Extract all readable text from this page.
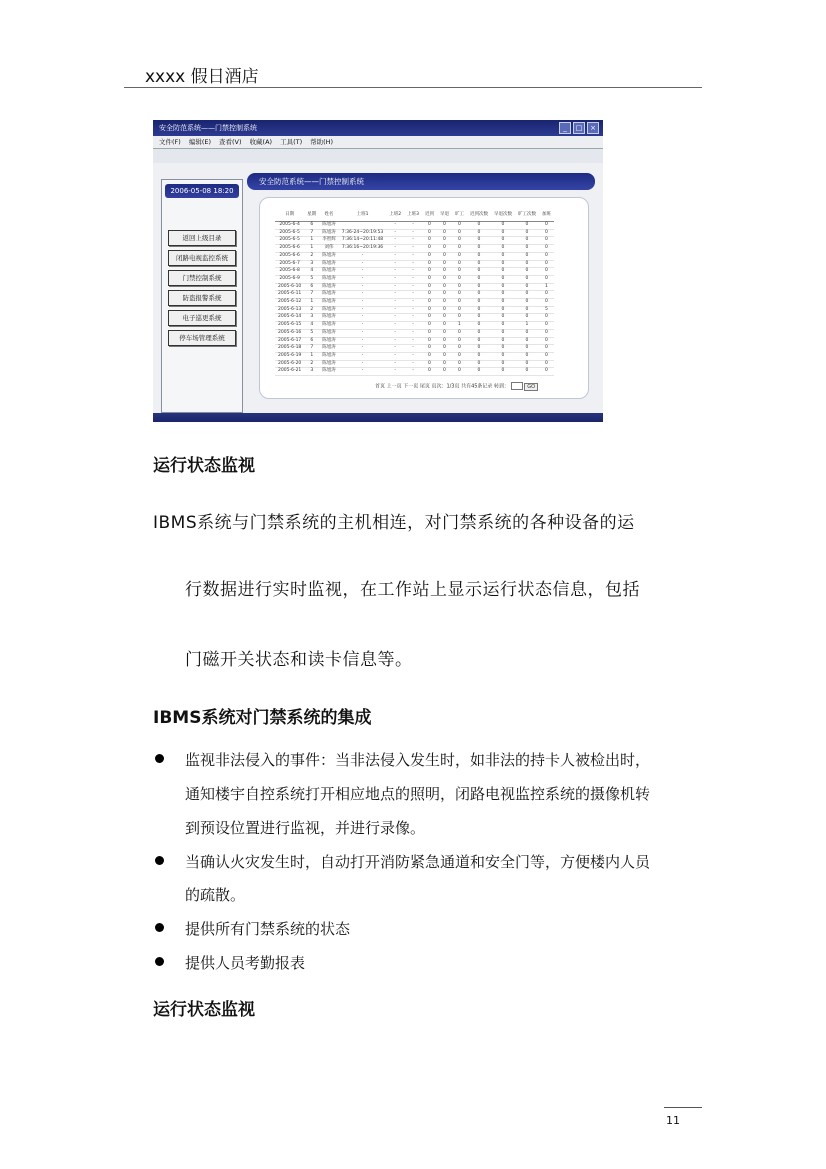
xxxx 假日酒店
安全防范系统——门禁控制系统	_	□	×
文件(F) 编辑(E) 查看(V) 收藏(A) 工具(T) 帮助(H)
2006-05-08 18:20
返回上级目录
闭路电视监控系统
门禁控制系统
防盗报警系统
电子巡更系统
停车场管理系统
安全防范系统——门禁控制系统
日期	星期	姓名	上班1	上班2	上班3	迟到	早退	旷工	迟到次数	早退次数	旷工次数	加班
2005-6-4	6	陈旭涛		-	-	0	0	0	0	0	0	0
2005-6-5	7	陈旭涛	7:36-24~20:19:53	-	-	0	0	0	0	0	0	0
2005-6-5	1	李智辉	7:36:14~20:11:48	-	-	0	0	0	0	0	0	0
2005-6-6	1	刘伟	7:36:16~20:19:36	-	-	0	0	0	0	0	0	0
2005-6-6	2	陈旭涛	-	-	-	0	0	0	0	0	0	0
2005-6-7	3	陈旭涛	-	-	-	0	0	0	0	0	0	0
2005-6-8	4	陈旭涛	-	-	-	0	0	0	0	0	0	0
2005-6-9	5	陈旭涛	-	-	-	0	0	0	0	0	0	0
2005-6-10	6	陈旭涛	-	-	-	0	0	0	0	0	0	1
2005-6-11	7	陈旭涛	-	-	-	0	0	0	0	0	0	0
2005-6-12	1	陈旭涛	-	-	-	0	0	0	0	0	0	0
2005-6-13	2	陈旭涛	-	-	-	0	0	0	0	0	0	5
2005-6-14	3	陈旭涛	-	-	-	0	0	0	0	0	0	0
2005-6-15	4	陈旭涛	-	-	-	0	0	1	0	0	1	0
2005-6-16	5	陈旭涛	-	-	-	0	0	0	0	0	0	0
2005-6-17	6	陈旭涛	-	-	-	0	0	0	0	0	0	0
2005-6-18	7	陈旭涛	-	-	-	0	0	0	0	0	0	0
2005-6-19	1	陈旭涛	-	-	-	0	0	0	0	0	0	0
2005-6-20	2	陈旭涛	-	-	-	0	0	0	0	0	0	0
2005-6-21	3	陈旭涛	-	-	-	0	0	0	0	0	0	0
首页 上一页 下一页 尾页 页次：1/3页 共有45条记录 转到：	GO
运行状态监视
IBMS系统与门禁系统的主机相连，对门禁系统的各种设备的运
行数据进行实时监视，在工作站上显示运行状态信息，包括
门磁开关状态和读卡信息等。
IBMS系统对门禁系统的集成
监视非法侵入的事件：当非法侵入发生时，如非法的持卡人被检出时，
通知楼宇自控系统打开相应地点的照明，闭路电视监控系统的摄像机转
到预设位置进行监视，并进行录像。
当确认火灾发生时，自动打开消防紧急通道和安全门等，方便楼内人员
的疏散。
提供所有门禁系统的状态
提供人员考勤报表
运行状态监视
11
